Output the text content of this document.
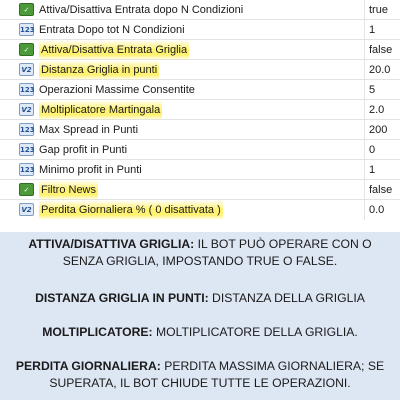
✓ Attiva/Disattiva Entrata dopo N Condizioni	true
123 Entrata Dopo tot N Condizioni	1
✓	Attiva/Disattiva Entrata Griglia	false
V2 Distanza Griglia in punti	20.0
123 Operazioni Massime Consentite	5
V2 Moltiplicatore Martingala	2.0
123 Max Spread in Punti	200
123 Gap profit in Punti	0
123 Minimo profit in Punti	1
✓	Filtro News	false
V2 Perdita Giornaliera % ( 0 disattivata )	0.0

ATTIVA/DISATTIVA GRIGLIA: IL BOT PUÒ OPERARE CON O SENZA GRIGLIA, IMPOSTANDO TRUE O FALSE.

DISTANZA GRIGLIA IN PUNTI: DISTANZA DELLA GRIGLIA

MOLTIPLICATORE: MOLTIPLICATORE DELLA GRIGLIA.

PERDITA GIORNALIERA: PERDITA MASSIMA GIORNALIERA; SE SUPERATA, IL BOT CHIUDE TUTTE LE OPERAZIONI.
